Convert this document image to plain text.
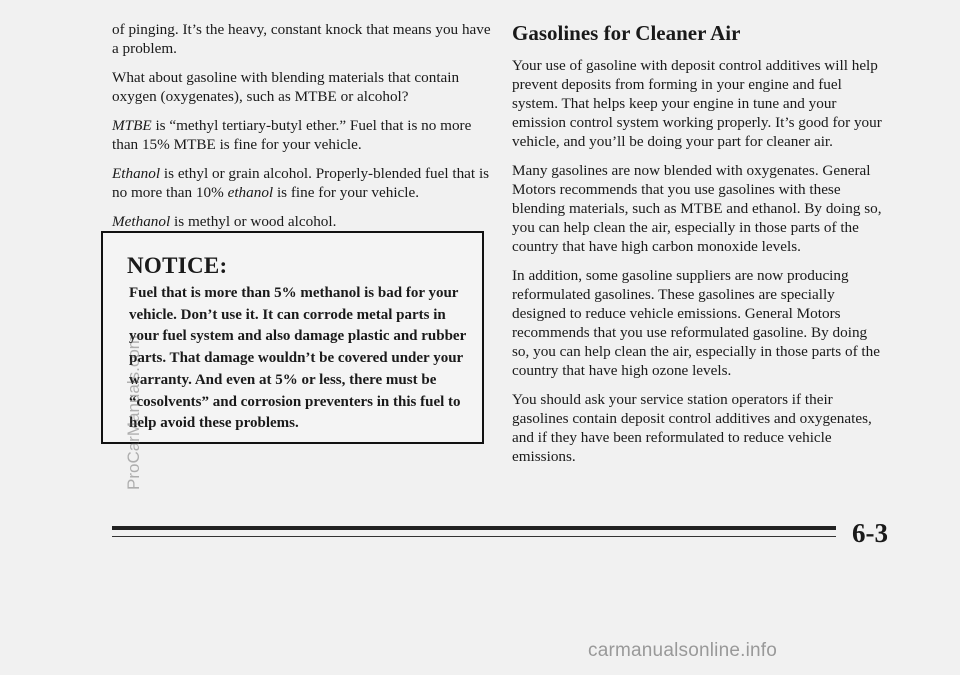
of pinging. It’s the heavy, constant knock that means you have a problem.

What about gasoline with blending materials that contain oxygen (oxygenates), such as MTBE or alcohol?

MTBE is “methyl tertiary-butyl ether.” Fuel that is no more than 15% MTBE is fine for your vehicle.

Ethanol is ethyl or grain alcohol. Properly-blended fuel that is no more than 10% ethanol is fine for your vehicle.

Methanol is methyl or wood alcohol.

NOTICE:
Fuel that is more than 5% methanol is bad for your vehicle. Don’t use it. It can corrode metal parts in your fuel system and also damage plastic and rubber parts. That damage wouldn’t be covered under your warranty. And even at 5% or less, there must be “cosolvents” and corrosion preventers in this fuel to help avoid these problems.
Gasolines for Cleaner Air

Your use of gasoline with deposit control additives will help prevent deposits from forming in your engine and fuel system. That helps keep your engine in tune and your emission control system working properly. It’s good for your vehicle, and you’ll be doing your part for cleaner air.

Many gasolines are now blended with oxygenates. General Motors recommends that you use gasolines with these blending materials, such as MTBE and ethanol. By doing so, you can help clean the air, especially in those parts of the country that have high carbon monoxide levels.

In addition, some gasoline suppliers are now producing reformulated gasolines. These gasolines are specially designed to reduce vehicle emissions. General Motors recommends that you use reformulated gasoline. By doing so, you can help clean the air, especially in those parts of the country that have high ozone levels.

You should ask your service station operators if their gasolines contain deposit control additives and oxygenates, and if they have been reformulated to reduce vehicle emissions.

6-3
ProCarManuals.com
carmanualsonline.info
